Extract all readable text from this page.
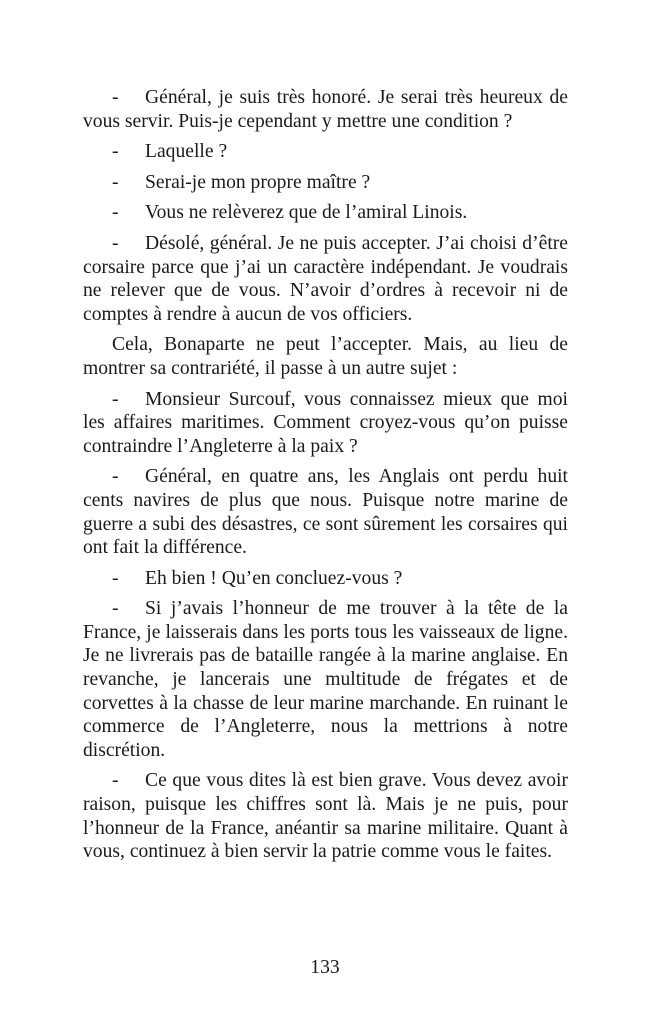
- Général, je suis très honoré. Je serai très heureux de vous servir. Puis-je cependant y mettre une condition ?

- Laquelle ?

- Serai-je mon propre maître ?

- Vous ne relèverez que de l’amiral Linois.

- Désolé, général. Je ne puis accepter. J’ai choisi d’être corsaire parce que j’ai un caractère indépendant. Je voudrais ne relever que de vous. N’avoir d’ordres à recevoir ni de comptes à rendre à aucun de vos officiers.

Cela, Bonaparte ne peut l’accepter. Mais, au lieu de montrer sa contrariété, il passe à un autre sujet :

- Monsieur Surcouf, vous connaissez mieux que moi les affaires maritimes. Comment croyez-vous qu’on puisse contraindre l’Angleterre à la paix ?

- Général, en quatre ans, les Anglais ont perdu huit cents navires de plus que nous. Puisque notre marine de guerre a subi des désastres, ce sont sûrement les corsaires qui ont fait la différence.

- Eh bien ! Qu’en concluez-vous ?

- Si j’avais l’honneur de me trouver à la tête de la France, je laisserais dans les ports tous les vaisseaux de ligne. Je ne livrerais pas de bataille rangée à la marine anglaise. En revanche, je lancerais une multitude de frégates et de corvettes à la chasse de leur marine marchande. En ruinant le commerce de l’Angleterre, nous la mettrions à notre discrétion.

- Ce que vous dites là est bien grave. Vous devez avoir raison, puisque les chiffres sont là. Mais je ne puis, pour l’honneur de la France, anéantir sa marine militaire. Quant à vous, continuez à bien servir la patrie comme vous le faites.

133
